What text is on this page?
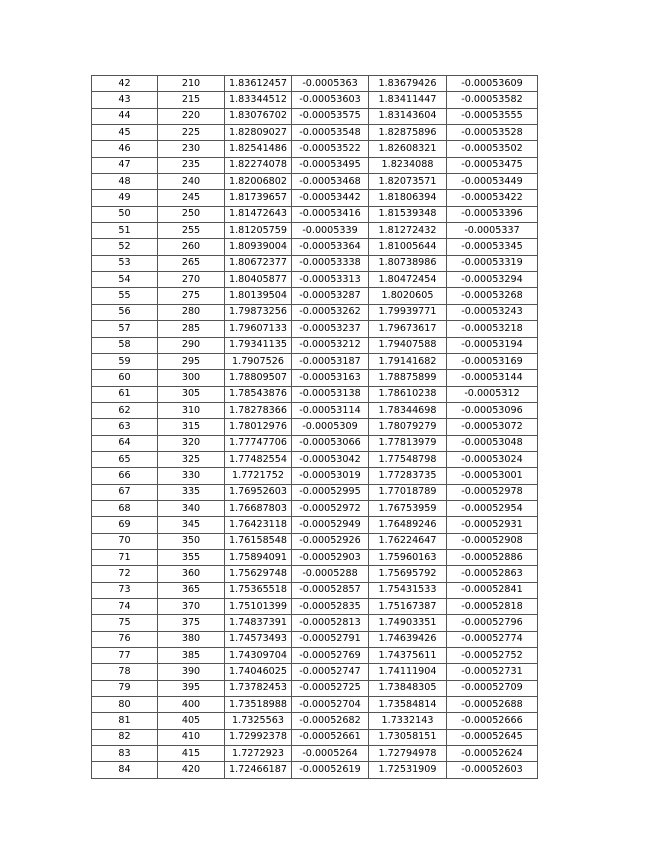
42	210	1.83612457	-0.0005363	1.83679426	-0.00053609
43	215	1.83344512	-0.00053603	1.83411447	-0.00053582
44	220	1.83076702	-0.00053575	1.83143604	-0.00053555
45	225	1.82809027	-0.00053548	1.82875896	-0.00053528
46	230	1.82541486	-0.00053522	1.82608321	-0.00053502
47	235	1.82274078	-0.00053495	1.8234088	-0.00053475
48	240	1.82006802	-0.00053468	1.82073571	-0.00053449
49	245	1.81739657	-0.00053442	1.81806394	-0.00053422
50	250	1.81472643	-0.00053416	1.81539348	-0.00053396
51	255	1.81205759	-0.0005339	1.81272432	-0.0005337
52	260	1.80939004	-0.00053364	1.81005644	-0.00053345
53	265	1.80672377	-0.00053338	1.80738986	-0.00053319
54	270	1.80405877	-0.00053313	1.80472454	-0.00053294
55	275	1.80139504	-0.00053287	1.8020605	-0.00053268
56	280	1.79873256	-0.00053262	1.79939771	-0.00053243
57	285	1.79607133	-0.00053237	1.79673617	-0.00053218
58	290	1.79341135	-0.00053212	1.79407588	-0.00053194
59	295	1.7907526	-0.00053187	1.79141682	-0.00053169
60	300	1.78809507	-0.00053163	1.78875899	-0.00053144
61	305	1.78543876	-0.00053138	1.78610238	-0.0005312
62	310	1.78278366	-0.00053114	1.78344698	-0.00053096
63	315	1.78012976	-0.0005309	1.78079279	-0.00053072
64	320	1.77747706	-0.00053066	1.77813979	-0.00053048
65	325	1.77482554	-0.00053042	1.77548798	-0.00053024
66	330	1.7721752	-0.00053019	1.77283735	-0.00053001
67	335	1.76952603	-0.00052995	1.77018789	-0.00052978
68	340	1.76687803	-0.00052972	1.76753959	-0.00052954
69	345	1.76423118	-0.00052949	1.76489246	-0.00052931
70	350	1.76158548	-0.00052926	1.76224647	-0.00052908
71	355	1.75894091	-0.00052903	1.75960163	-0.00052886
72	360	1.75629748	-0.0005288	1.75695792	-0.00052863
73	365	1.75365518	-0.00052857	1.75431533	-0.00052841
74	370	1.75101399	-0.00052835	1.75167387	-0.00052818
75	375	1.74837391	-0.00052813	1.74903351	-0.00052796
76	380	1.74573493	-0.00052791	1.74639426	-0.00052774
77	385	1.74309704	-0.00052769	1.74375611	-0.00052752
78	390	1.74046025	-0.00052747	1.74111904	-0.00052731
79	395	1.73782453	-0.00052725	1.73848305	-0.00052709
80	400	1.73518988	-0.00052704	1.73584814	-0.00052688
81	405	1.7325563	-0.00052682	1.7332143	-0.00052666
82	410	1.72992378	-0.00052661	1.73058151	-0.00052645
83	415	1.7272923	-0.0005264	1.72794978	-0.00052624
84	420	1.72466187	-0.00052619	1.72531909	-0.00052603
